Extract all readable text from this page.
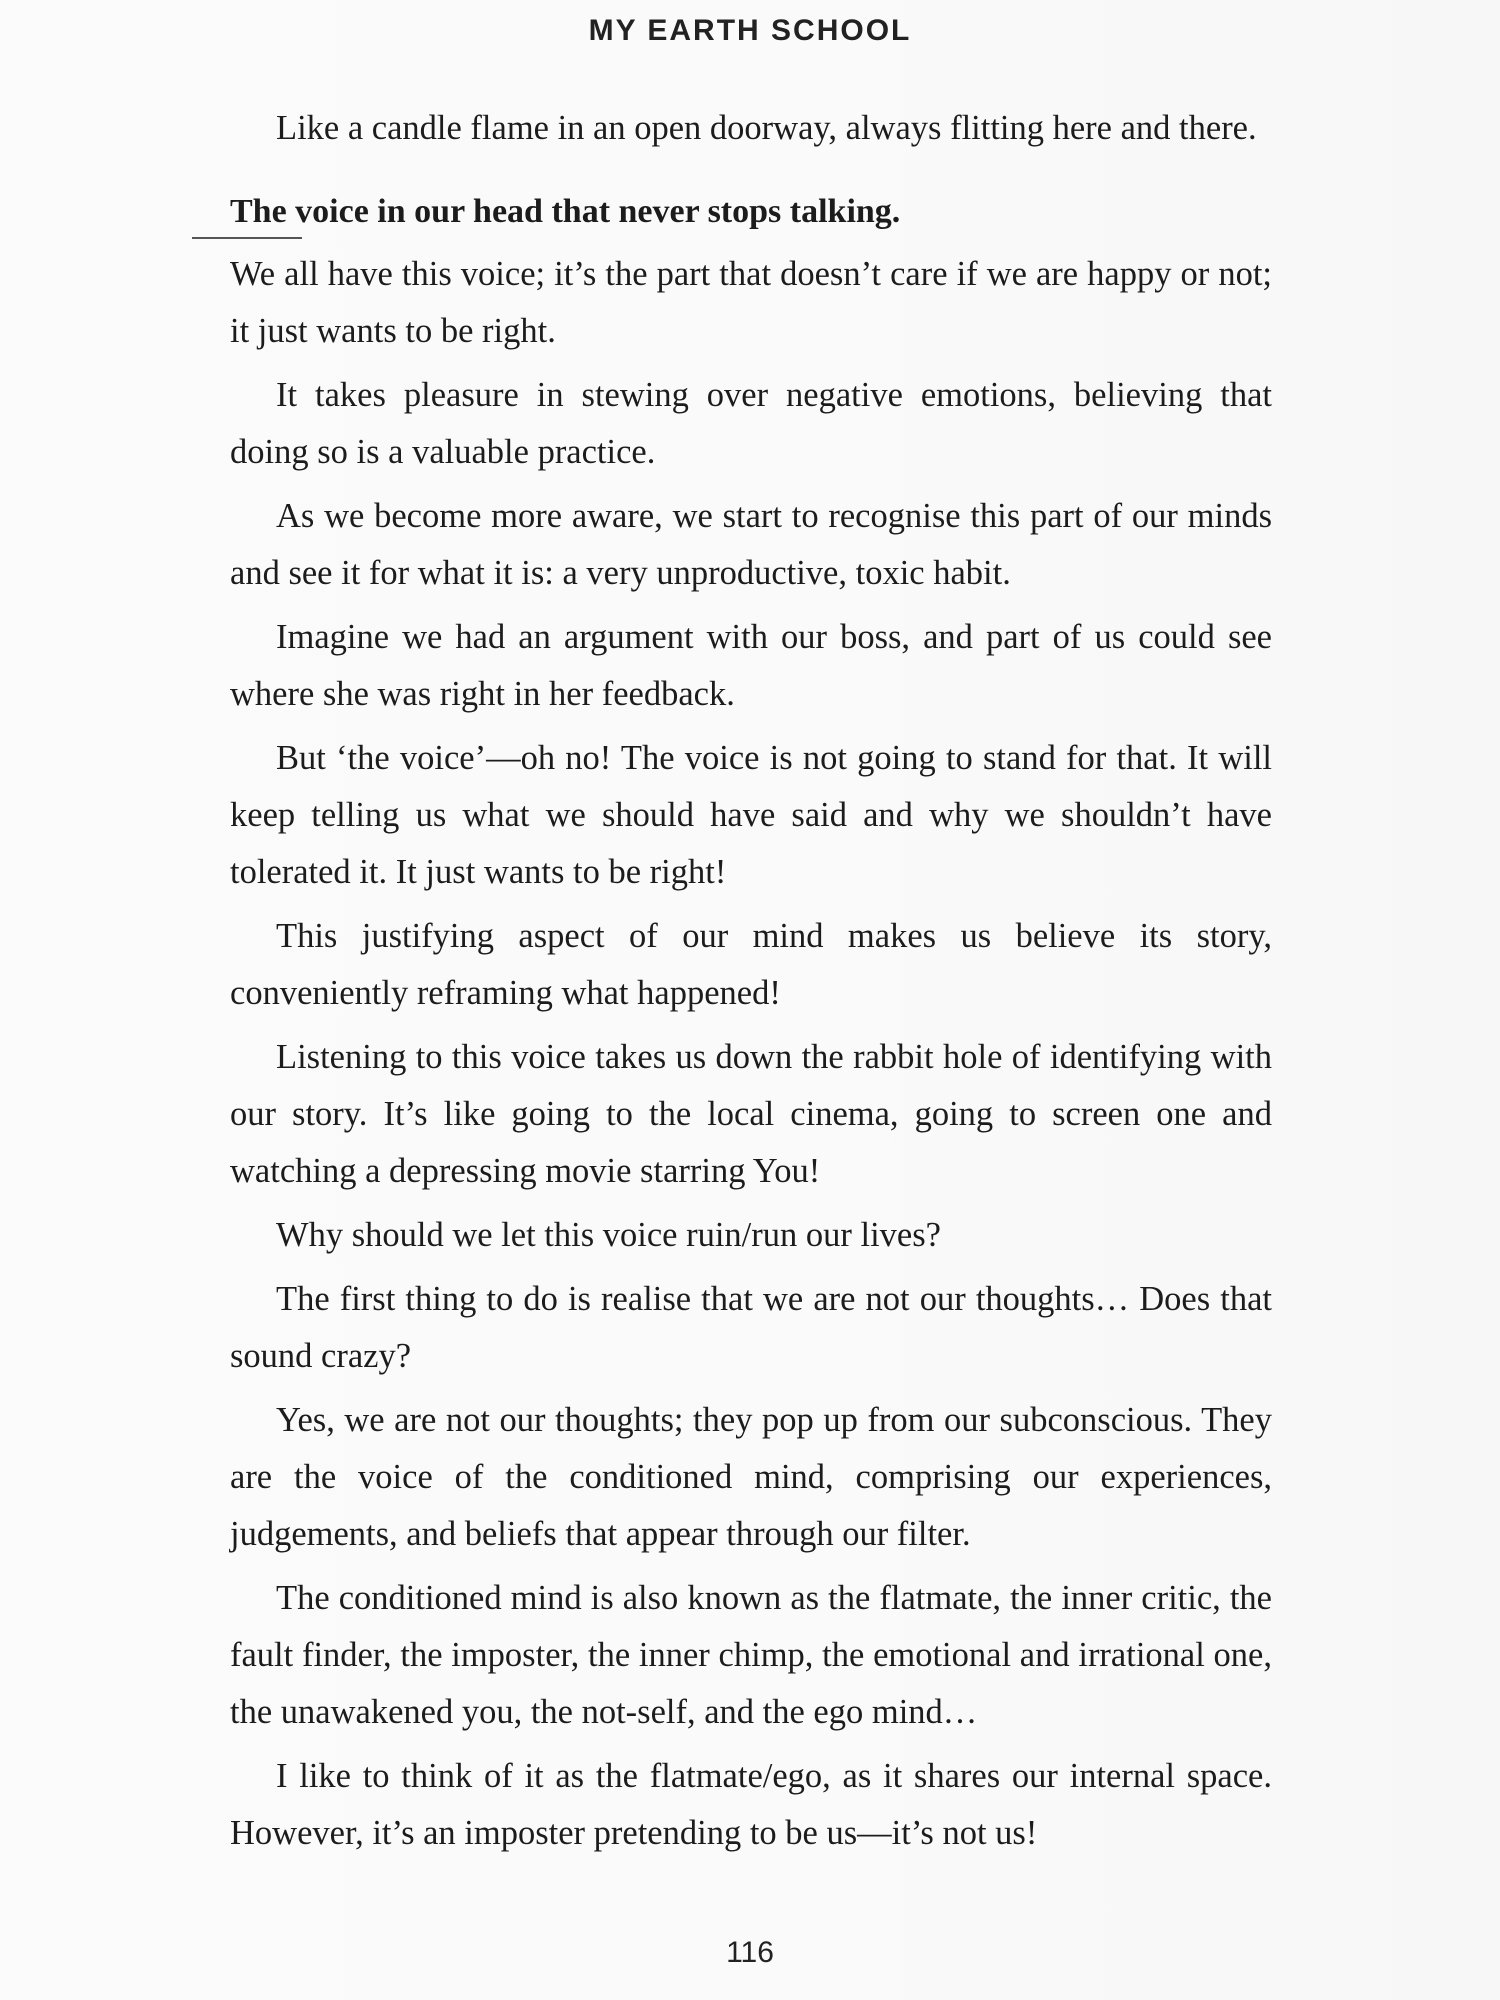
MY EARTH SCHOOL

Like a candle flame in an open doorway, always flitting here and there.

The voice in our head that never stops talking.

We all have this voice; it’s the part that doesn’t care if we are happy or not; it just wants to be right.

It takes pleasure in stewing over negative emotions, believing that doing so is a valuable practice.

As we become more aware, we start to recognise this part of our minds and see it for what it is: a very unproductive, toxic habit.

Imagine we had an argument with our boss, and part of us could see where she was right in her feedback.

But ‘the voice’—oh no! The voice is not going to stand for that. It will keep telling us what we should have said and why we shouldn’t have tolerated it. It just wants to be right!

This justifying aspect of our mind makes us believe its story, conveniently reframing what happened!

Listening to this voice takes us down the rabbit hole of identifying with our story. It’s like going to the local cinema, going to screen one and watching a depressing movie starring You!

Why should we let this voice ruin/run our lives?

The first thing to do is realise that we are not our thoughts… Does that sound crazy?

Yes, we are not our thoughts; they pop up from our subconscious. They are the voice of the conditioned mind, comprising our experiences, judgements, and beliefs that appear through our filter.

The conditioned mind is also known as the flatmate, the inner critic, the fault finder, the imposter, the inner chimp, the emotional and irrational one, the unawakened you, the not-self, and the ego mind…

I like to think of it as the flatmate/ego, as it shares our internal space. However, it’s an imposter pretending to be us—it’s not us!

116
